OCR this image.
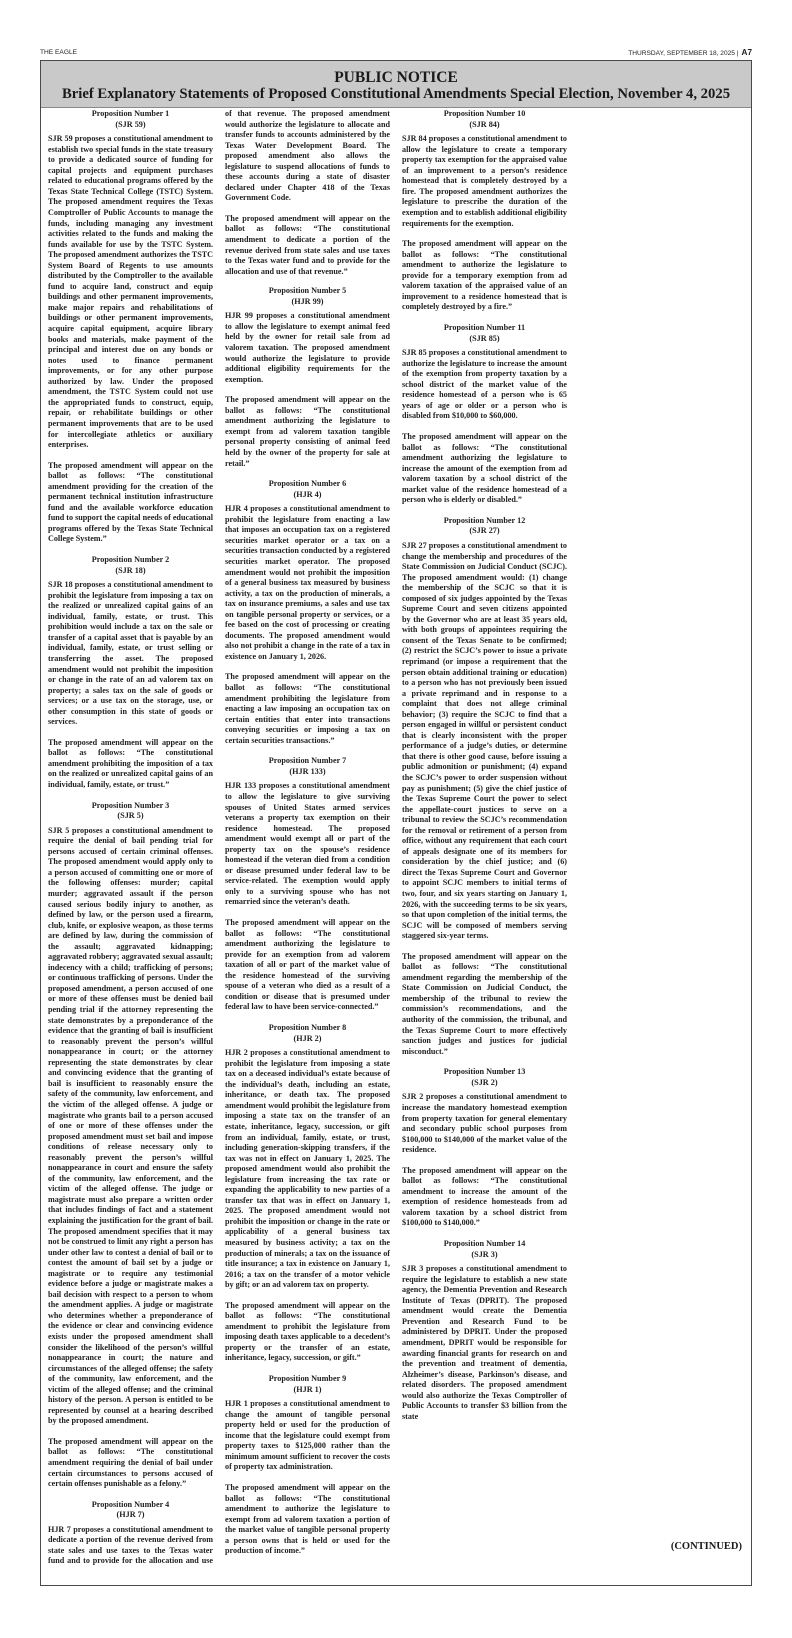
THE EAGLE	THURSDAY, SEPTEMBER 18, 2025 | A7
PUBLIC NOTICE
Brief Explanatory Statements of Proposed Constitutional Amendments Special Election, November 4, 2025
Proposition Number 1
(SJR 59)

SJR 59 proposes a constitutional amendment to establish two special funds in the state treasury to provide a dedicated source of funding for capital projects and equipment purchases related to educational programs offered by the Texas State Technical College (TSTC) System. The proposed amendment requires the Texas Comptroller of Public Accounts to manage the funds, including managing any investment activities related to the funds and making the funds available for use by the TSTC System. The proposed amendment authorizes the TSTC System Board of Regents to use amounts distributed by the Comptroller to the available fund to acquire land, construct and equip buildings and other permanent improvements, make major repairs and rehabilitations of buildings or other permanent improvements, acquire capital equipment, acquire library books and materials, make payment of the principal and interest due on any bonds or notes used to finance permanent improvements, or for any other purpose authorized by law. Under the proposed amendment, the TSTC System could not use the appropriated funds to construct, equip, repair, or rehabilitate buildings or other permanent improvements that are to be used for intercollegiate athletics or auxiliary enterprises.

The proposed amendment will appear on the ballot as follows: “The constitutional amendment providing for the creation of the permanent technical institution infrastructure fund and the available workforce education fund to support the capital needs of educational programs offered by the Texas State Technical College System.”

Proposition Number 2
(SJR 18)

SJR 18 proposes a constitutional amendment to prohibit the legislature from imposing a tax on the realized or unrealized capital gains of an individual, family, estate, or trust. This prohibition would include a tax on the sale or transfer of a capital asset that is payable by an individual, family, estate, or trust selling or transferring the asset. The proposed amendment would not prohibit the imposition or change in the rate of an ad valorem tax on property; a sales tax on the sale of goods or services; or a use tax on the storage, use, or other consumption in this state of goods or services.

The proposed amendment will appear on the ballot as follows: “The constitutional amendment prohibiting the imposition of a tax on the realized or unrealized capital gains of an individual, family, estate, or trust.”

Proposition Number 3
(SJR 5)

SJR 5 proposes a constitutional amendment to require the denial of bail pending trial for persons accused of certain criminal offenses. The proposed amendment would apply only to a person accused of committing one or more of the following offenses: murder; capital murder; aggravated assault if the person caused serious bodily injury to another, as defined by law, or the person used a firearm, club, knife, or explosive weapon, as those terms are defined by law, during the commission of the assault; aggravated kidnapping; aggravated robbery; aggravated sexual assault; indecency with a child; trafficking of persons; or continuous trafficking of persons. Under the proposed amendment, a person accused of one or more of these offenses must be denied bail pending trial if the attorney representing the state demonstrates by a preponderance of the evidence that the granting of bail is insufficient to reasonably prevent the person’s willful nonappearance in court; or the attorney representing the state demonstrates by clear and convincing evidence that the granting of bail is insufficient to reasonably ensure the safety of the community, law enforcement, and the victim of the alleged offense. A judge or magistrate who grants bail to a person accused of one or more of these offenses under the proposed amendment must set bail and impose conditions of release necessary only to reasonably prevent the person’s willful nonappearance in court and ensure the safety of the community, law enforcement, and the victim of the alleged offense. The judge or magistrate must also prepare a written order that includes findings of fact and a statement explaining the justification for the grant of bail. The proposed amendment specifies that it may not be construed to limit any right a person has under other law to contest a denial of bail or to contest the amount of bail set by a judge or magistrate or to require any testimonial evidence before a judge or magistrate makes a bail decision with respect to a person to whom the amendment applies. A judge or magistrate who determines whether a preponderance of the evidence or clear and convincing evidence exists under the proposed amendment shall consider the likelihood of the person’s willful nonappearance in court; the nature and circumstances of the alleged offense; the safety of the community, law enforcement, and the victim of the alleged offense; and the criminal history of the person. A person is entitled to be represented by counsel at a hearing described by the proposed amendment.

The proposed amendment will appear on the ballot as follows: “The constitutional amendment requiring the denial of bail under certain circumstances to persons accused of certain offenses punishable as a felony.”

Proposition Number 4
(HJR 7)

HJR 7 proposes a constitutional amendment to dedicate a portion of the revenue derived from state sales and use taxes to the Texas water fund and to provide for the allocation and use of that revenue. The proposed amendment would authorize the legislature to allocate and transfer funds to accounts administered by the Texas Water Development Board. The proposed amendment also allows the legislature to suspend allocations of funds to these accounts during a state of disaster declared under Chapter 418 of the Texas Government Code.

The proposed amendment will appear on the ballot as follows: “The constitutional amendment to dedicate a portion of the revenue derived from state sales and use taxes to the Texas water fund and to provide for the allocation and use of that revenue.”

Proposition Number 5
(HJR 99)

HJR 99 proposes a constitutional amendment to allow the legislature to exempt animal feed held by the owner for retail sale from ad valorem taxation. The proposed amendment would authorize the legislature to provide additional eligibility requirements for the exemption.

The proposed amendment will appear on the ballot as follows: “The constitutional amendment authorizing the legislature to exempt from ad valorem taxation tangible personal property consisting of animal feed held by the owner of the property for sale at retail.”

Proposition Number 6
(HJR 4)

HJR 4 proposes a constitutional amendment to prohibit the legislature from enacting a law that imposes an occupation tax on a registered securities market operator or a tax on a securities transaction conducted by a registered securities market operator. The proposed amendment would not prohibit the imposition of a general business tax measured by business activity, a tax on the production of minerals, a tax on insurance premiums, a sales and use tax on tangible personal property or services, or a fee based on the cost of processing or creating documents. The proposed amendment would also not prohibit a change in the rate of a tax in existence on January 1, 2026.

The proposed amendment will appear on the ballot as follows: “The constitutional amendment prohibiting the legislature from enacting a law imposing an occupation tax on certain entities that enter into transactions conveying securities or imposing a tax on certain securities transactions.”

Proposition Number 7
(HJR 133)

HJR 133 proposes a constitutional amendment to allow the legislature to give surviving spouses of United States armed services veterans a property tax exemption on their residence homestead. The proposed amendment would exempt all or part of the property tax on the spouse’s residence homestead if the veteran died from a condition or disease presumed under federal law to be service-related. The exemption would apply only to a surviving spouse who has not remarried since the veteran’s death.

The proposed amendment will appear on the ballot as follows: “The constitutional amendment authorizing the legislature to provide for an exemption from ad valorem taxation of all or part of the market value of the residence homestead of the surviving spouse of a veteran who died as a result of a condition or disease that is presumed under federal law to have been service-connected.”

Proposition Number 8
(HJR 2)

HJR 2 proposes a constitutional amendment to prohibit the legislature from imposing a state tax on a deceased individual’s estate because of the individual’s death, including an estate, inheritance, or death tax. The proposed amendment would prohibit the legislature from imposing a state tax on the transfer of an estate, inheritance, legacy, succession, or gift from an individual, family, estate, or trust, including generation-skipping transfers, if the tax was not in effect on January 1, 2025. The proposed amendment would also prohibit the legislature from increasing the tax rate or expanding the applicability to new parties of a transfer tax that was in effect on January 1, 2025. The proposed amendment would not prohibit the imposition or change in the rate or applicability of a general business tax measured by business activity; a tax on the production of minerals; a tax on the issuance of title insurance; a tax in existence on January 1, 2016; a tax on the transfer of a motor vehicle by gift; or an ad valorem tax on property.

The proposed amendment will appear on the ballot as follows: “The constitutional amendment to prohibit the legislature from imposing death taxes applicable to a decedent’s property or the transfer of an estate, inheritance, legacy, succession, or gift.”

Proposition Number 9
(HJR 1)

HJR 1 proposes a constitutional amendment to change the amount of tangible personal property held or used for the production of income that the legislature could exempt from property taxes to $125,000 rather than the minimum amount sufficient to recover the costs of property tax administration.

The proposed amendment will appear on the ballot as follows: “The constitutional amendment to authorize the legislature to exempt from ad valorem taxation a portion of the market value of tangible personal property a person owns that is held or used for the production of income.”

Proposition Number 10
(SJR 84)

SJR 84 proposes a constitutional amendment to allow the legislature to create a temporary property tax exemption for the appraised value of an improvement to a person’s residence homestead that is completely destroyed by a fire. The proposed amendment authorizes the legislature to prescribe the duration of the exemption and to establish additional eligibility requirements for the exemption.

The proposed amendment will appear on the ballot as follows: “The constitutional amendment to authorize the legislature to provide for a temporary exemption from ad valorem taxation of the appraised value of an improvement to a residence homestead that is completely destroyed by a fire.”

Proposition Number 11
(SJR 85)

SJR 85 proposes a constitutional amendment to authorize the legislature to increase the amount of the exemption from property taxation by a school district of the market value of the residence homestead of a person who is 65 years of age or older or a person who is disabled from $10,000 to $60,000.

The proposed amendment will appear on the ballot as follows: “The constitutional amendment authorizing the legislature to increase the amount of the exemption from ad valorem taxation by a school district of the market value of the residence homestead of a person who is elderly or disabled.”

Proposition Number 12
(SJR 27)

SJR 27 proposes a constitutional amendment to change the membership and procedures of the State Commission on Judicial Conduct (SCJC). The proposed amendment would: (1) change the membership of the SCJC so that it is composed of six judges appointed by the Texas Supreme Court and seven citizens appointed by the Governor who are at least 35 years old, with both groups of appointees requiring the consent of the Texas Senate to be confirmed; (2) restrict the SCJC’s power to issue a private reprimand (or impose a requirement that the person obtain additional training or education) to a person who has not previously been issued a private reprimand and in response to a complaint that does not allege criminal behavior; (3) require the SCJC to find that a person engaged in willful or persistent conduct that is clearly inconsistent with the proper performance of a judge’s duties, or determine that there is other good cause, before issuing a public admonition or punishment; (4) expand the SCJC’s power to order suspension without pay as punishment; (5) give the chief justice of the Texas Supreme Court the power to select the appellate-court justices to serve on a tribunal to review the SCJC’s recommendation for the removal or retirement of a person from office, without any requirement that each court of appeals designate one of its members for consideration by the chief justice; and (6) direct the Texas Supreme Court and Governor to appoint SCJC members to initial terms of two, four, and six years starting on January 1, 2026, with the succeeding terms to be six years, so that upon completion of the initial terms, the SCJC will be composed of members serving staggered six-year terms.

The proposed amendment will appear on the ballot as follows: “The constitutional amendment regarding the membership of the State Commission on Judicial Conduct, the membership of the tribunal to review the commission’s recommendations, and the authority of the commission, the tribunal, and the Texas Supreme Court to more effectively sanction judges and justices for judicial misconduct.”

Proposition Number 13
(SJR 2)

SJR 2 proposes a constitutional amendment to increase the mandatory homestead exemption from property taxation for general elementary and secondary public school purposes from $100,000 to $140,000 of the market value of the residence.

The proposed amendment will appear on the ballot as follows: “The constitutional amendment to increase the amount of the exemption of residence homesteads from ad valorem taxation by a school district from $100,000 to $140,000.”

Proposition Number 14
(SJR 3)

SJR 3 proposes a constitutional amendment to require the legislature to establish a new state agency, the Dementia Prevention and Research Institute of Texas (DPRIT). The proposed amendment would create the Dementia Prevention and Research Fund to be administered by DPRIT. Under the proposed amendment, DPRIT would be responsible for awarding financial grants for research on and the prevention and treatment of dementia, Alzheimer’s disease, Parkinson’s disease, and related disorders. The proposed amendment would also authorize the Texas Comptroller of Public Accounts to transfer $3 billion from the state

(CONTINUED)
